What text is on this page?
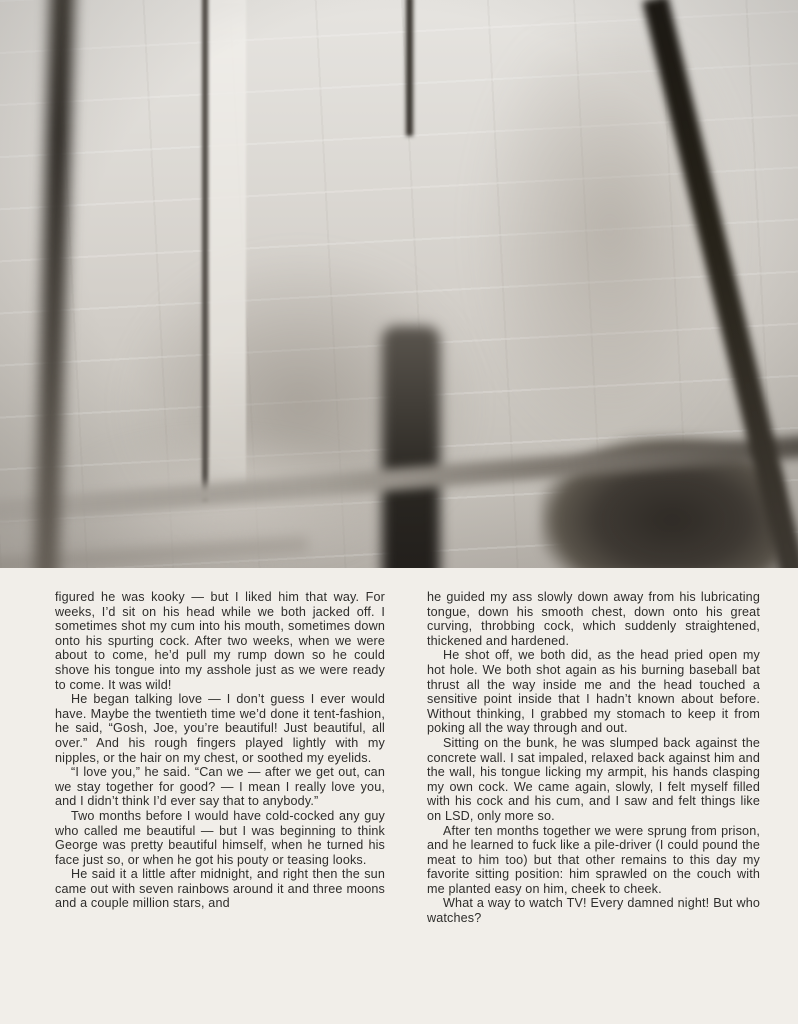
figured he was kooky — but I liked him that way. For weeks, I’d sit on his head while we both jacked off. I sometimes shot my cum into his mouth, sometimes down onto his spurting cock. After two weeks, when we were about to come, he’d pull my rump down so he could shove his tongue into my asshole just as we were ready to come. It was wild!

He began talking love — I don’t guess I ever would have. Maybe the twentieth time we’d done it tent-fashion, he said, “Gosh, Joe, you’re beautiful! Just beautiful, all over.” And his rough fingers played lightly with my nipples, or the hair on my chest, or soothed my eyelids.

“I love you,” he said. “Can we — after we get out, can we stay together for good? — I mean I really love you, and I didn’t think I’d ever say that to anybody.”

Two months before I would have cold-cocked any guy who called me beautiful — but I was beginning to think George was pretty beautiful himself, when he turned his face just so, or when he got his pouty or teasing looks.

He said it a little after midnight, and right then the sun came out with seven rainbows around it and three moons and a couple million stars, and

he guided my ass slowly down away from his lubricating tongue, down his smooth chest, down onto his great curving, throbbing cock, which suddenly straightened, thickened and hardened.

He shot off, we both did, as the head pried open my hot hole. We both shot again as his burning baseball bat thrust all the way inside me and the head touched a sensitive point inside that I hadn’t known about before. Without thinking, I grabbed my stomach to keep it from poking all the way through and out.

Sitting on the bunk, he was slumped back against the concrete wall. I sat impaled, relaxed back against him and the wall, his tongue licking my armpit, his hands clasping my own cock. We came again, slowly, I felt myself filled with his cock and his cum, and I saw and felt things like on LSD, only more so.

After ten months together we were sprung from prison, and he learned to fuck like a pile-driver (I could pound the meat to him too) but that other remains to this day my favorite sitting position: him sprawled on the couch with me planted easy on him, cheek to cheek.

What a way to watch TV! Every damned night! But who watches?
